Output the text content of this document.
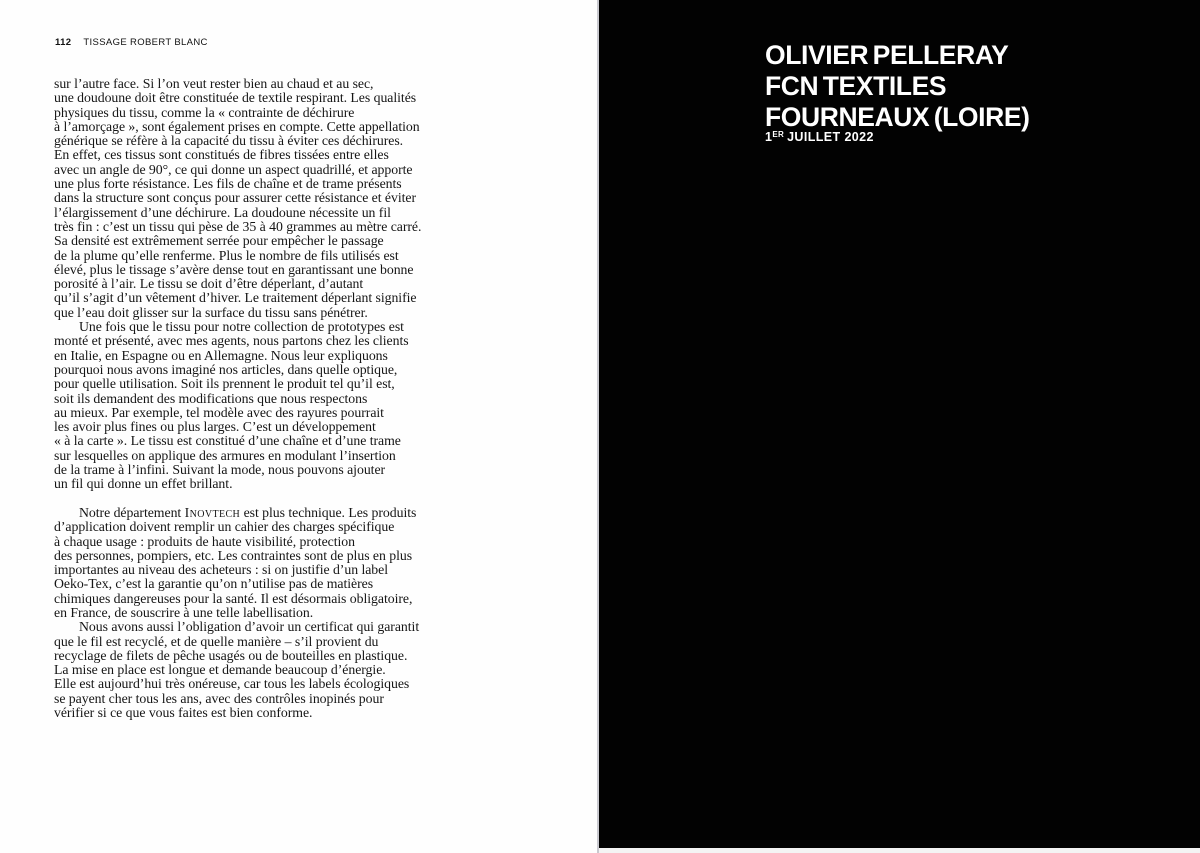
112 TISSAGE ROBERT BLANC
sur l’autre face. Si l’on veut rester bien au chaud et au sec,
une doudoune doit être constituée de textile respirant. Les qualités
physiques du tissu, comme la « contrainte de déchirure
à l’amorçage », sont également prises en compte. Cette appellation
générique se réfère à la capacité du tissu à éviter ces déchirures.
En effet, ces tissus sont constitués de fibres tissées entre elles
avec un angle de 90°, ce qui donne un aspect quadrillé, et apporte
une plus forte résistance. Les fils de chaîne et de trame présents
dans la structure sont conçus pour assurer cette résistance et éviter
l’élargissement d’une déchirure. La doudoune nécessite un fil
très fin : c’est un tissu qui pèse de 35 à 40 grammes au mètre carré.
Sa densité est extrêmement serrée pour empêcher le passage
de la plume qu’elle renferme. Plus le nombre de fils utilisés est
élevé, plus le tissage s’avère dense tout en garantissant une bonne
porosité à l’air. Le tissu se doit d’être déperlant, d’autant
qu’il s’agit d’un vêtement d’hiver. Le traitement déperlant signifie
que l’eau doit glisser sur la surface du tissu sans pénétrer.
Une fois que le tissu pour notre collection de prototypes est
monté et présenté, avec mes agents, nous partons chez les clients
en Italie, en Espagne ou en Allemagne. Nous leur expliquons
pourquoi nous avons imaginé nos articles, dans quelle optique,
pour quelle utilisation. Soit ils prennent le produit tel qu’il est,
soit ils demandent des modifications que nous respectons
au mieux. Par exemple, tel modèle avec des rayures pourrait
les avoir plus fines ou plus larges. C’est un développement
« à la carte ». Le tissu est constitué d’une chaîne et d’une trame
sur lesquelles on applique des armures en modulant l’insertion
de la trame à l’infini. Suivant la mode, nous pouvons ajouter
un fil qui donne un effet brillant.
Notre département Inovtech est plus technique. Les produits
d’application doivent remplir un cahier des charges spécifique
à chaque usage : produits de haute visibilité, protection
des personnes, pompiers, etc. Les contraintes sont de plus en plus
importantes au niveau des acheteurs : si on justifie d’un label
Oeko-Tex, c’est la garantie qu’on n’utilise pas de matières
chimiques dangereuses pour la santé. Il est désormais obligatoire,
en France, de souscrire à une telle labellisation.
Nous avons aussi l’obligation d’avoir un certificat qui garantit
que le fil est recyclé, et de quelle manière – s’il provient du
recyclage de filets de pêche usagés ou de bouteilles en plastique.
La mise en place est longue et demande beaucoup d’énergie.
Elle est aujourd’hui très onéreuse, car tous les labels écologiques
se payent cher tous les ans, avec des contrôles inopinés pour
vérifier si ce que vous faites est bien conforme.
OLIVIER PELLERAY
FCN TEXTILES
FOURNEAUX (LOIRE)
1ER JUILLET 2022
